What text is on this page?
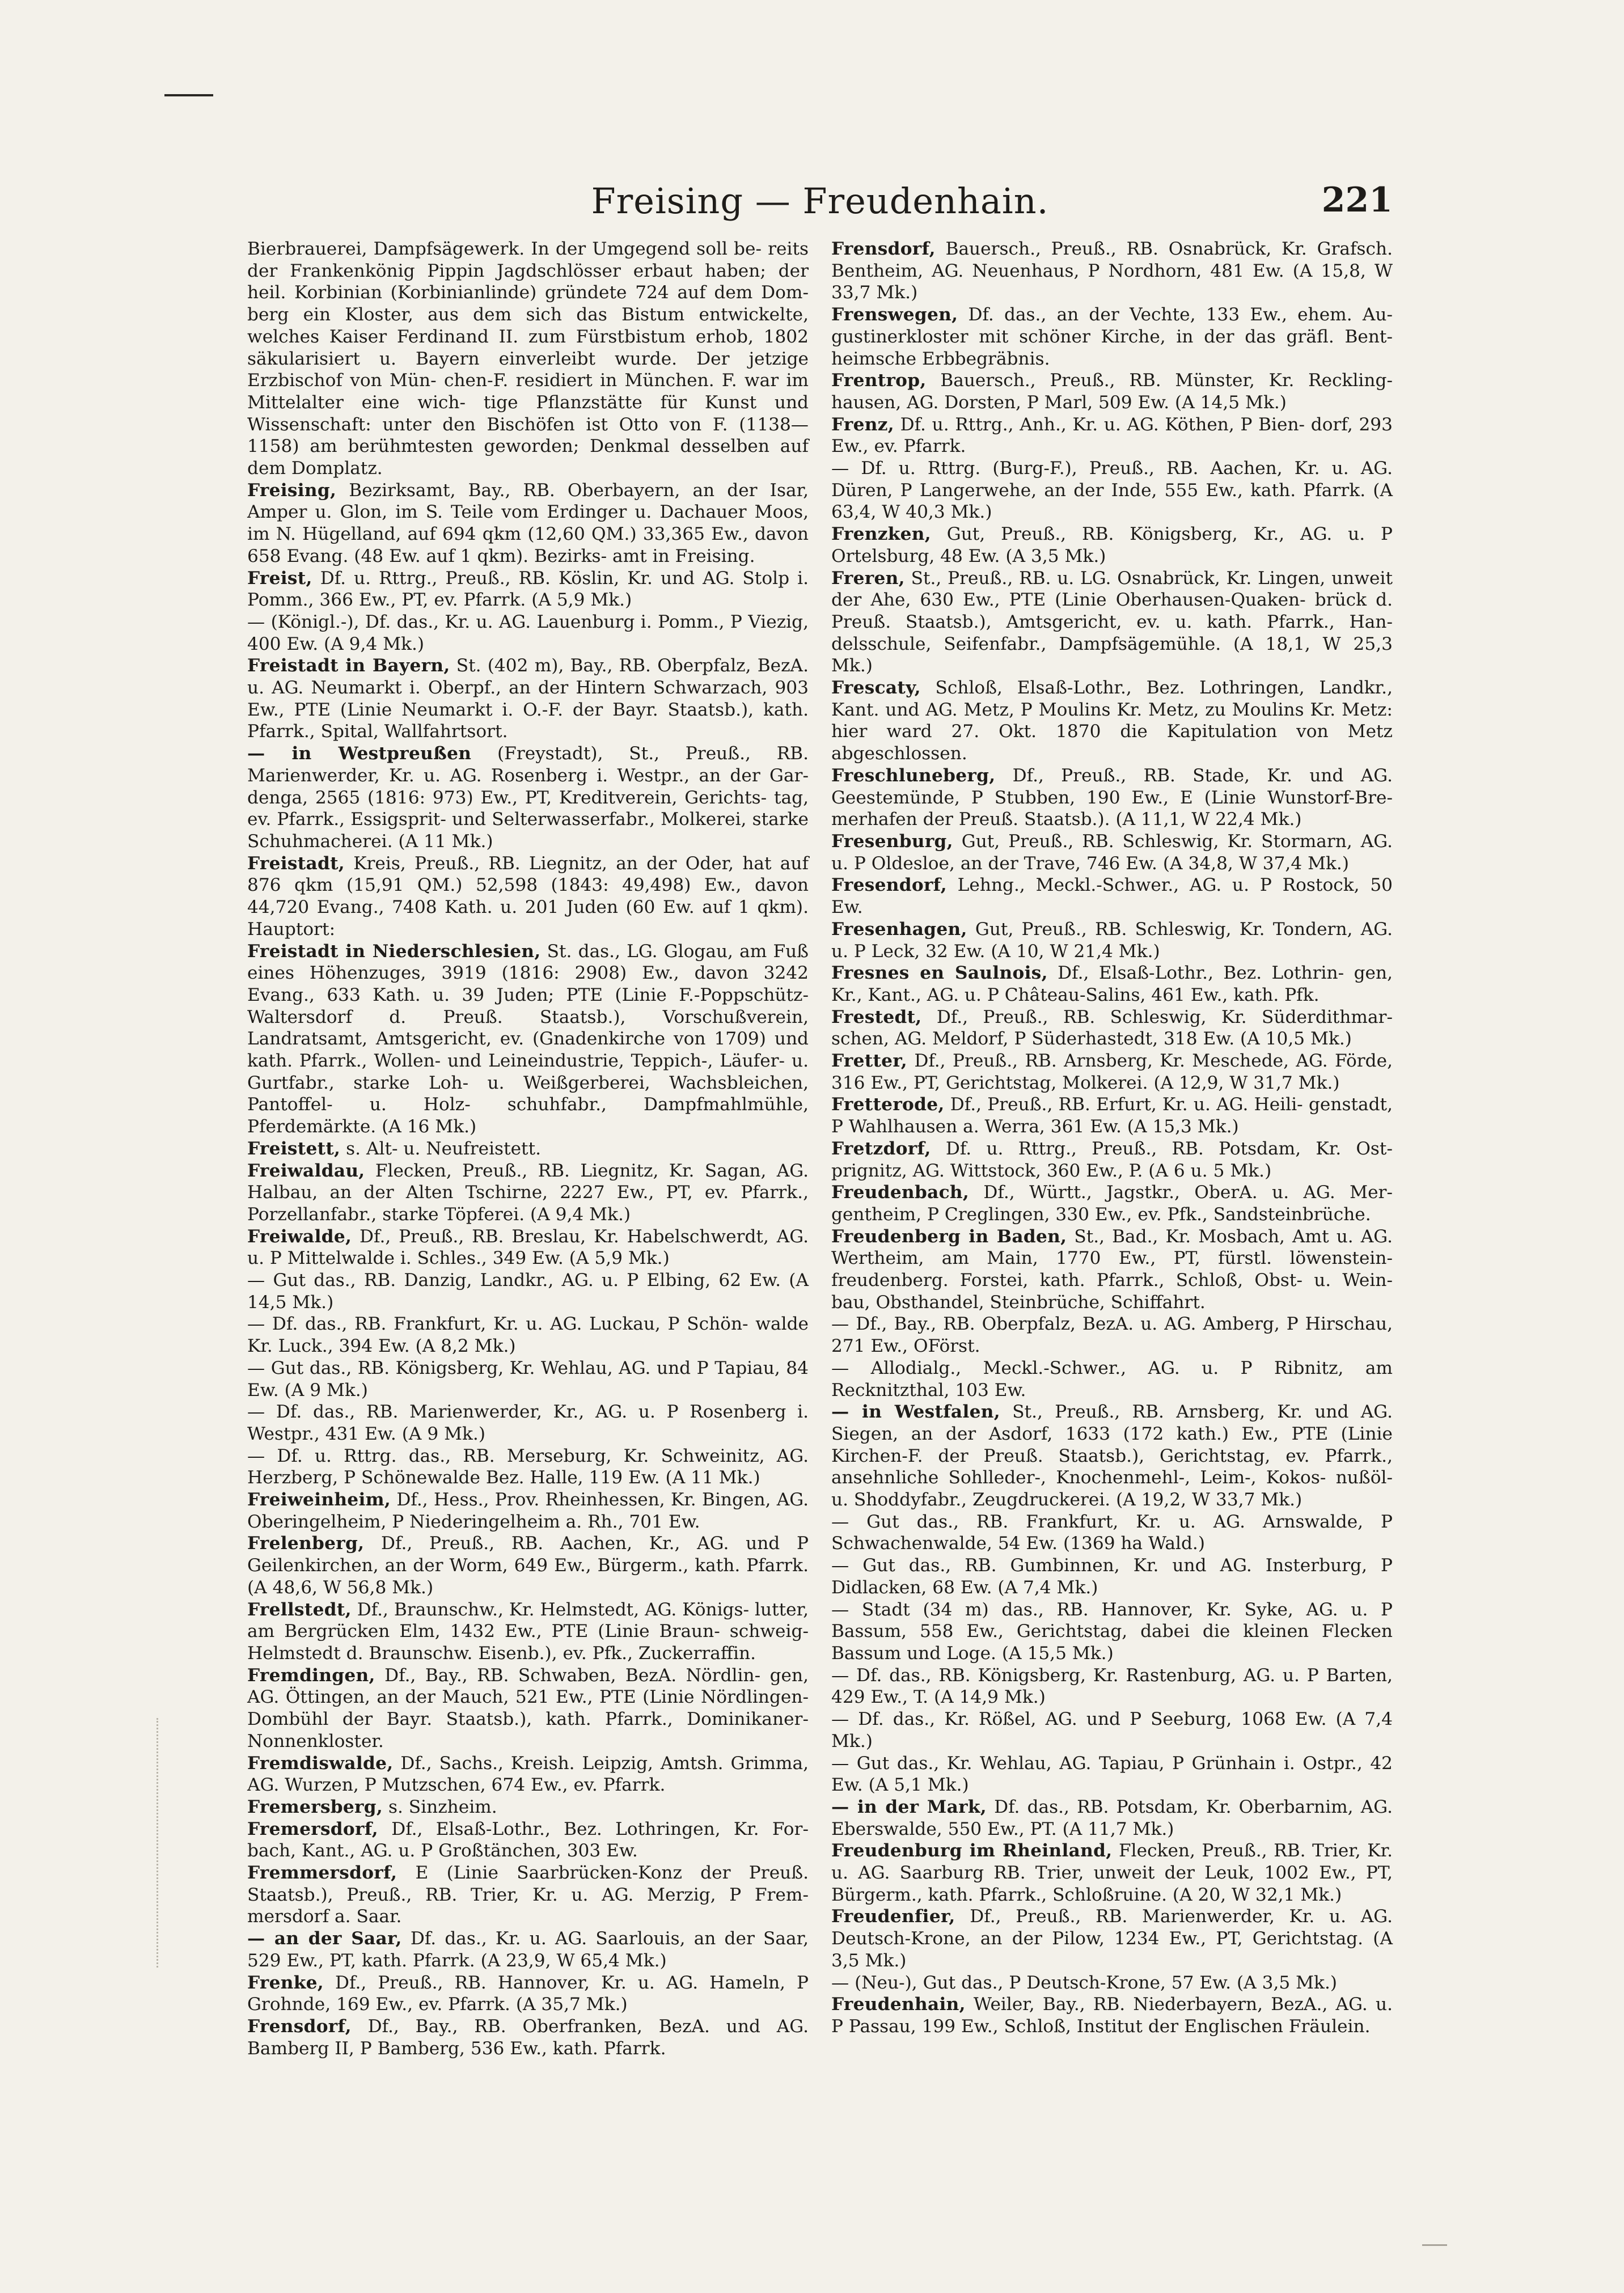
Freising — Freudenhain.	221

Bierbrauerei, Dampfsägewerk. In der Umgegend soll be- reits der Frankenkönig Pippin Jagdschlösser erbaut haben; der heil. Korbinian (Korbinianlinde) gründete 724 auf dem Dom- berg ein Kloster, aus dem sich das Bistum entwickelte, welches Kaiser Ferdinand II. zum Fürstbistum erhob, 1802 säkularisiert u. Bayern einverleibt wurde. Der jetzige Erzbischof von Mün- chen-F. residiert in München. F. war im Mittelalter eine wich- tige Pflanzstätte für Kunst und Wissenschaft: unter den Bischöfen ist Otto von F. (1138—1158) am berühmtesten geworden; Denkmal desselben auf dem Domplatz.

Freising, Bezirksamt, Bay., RB. Oberbayern, an der Isar, Amper u. Glon, im S. Teile vom Erdinger u. Dachauer Moos, im N. Hügelland, auf 694 qkm (12,60 QM.) 33,365 Ew., davon 658 Evang. (48 Ew. auf 1 qkm). Bezirks- amt in Freising.

Freist, Df. u. Rttrg., Preuß., RB. Köslin, Kr. und AG. Stolp i. Pomm., 366 Ew., PT, ev. Pfarrk. (A 5,9 Mk.)

— (Königl.-), Df. das., Kr. u. AG. Lauenburg i. Pomm., P Viezig, 400 Ew. (A 9,4 Mk.)

Freistadt in Bayern, St. (402 m), Bay., RB. Oberpfalz, BezA. u. AG. Neumarkt i. Oberpf., an der Hintern Schwarzach, 903 Ew., PTE (Linie Neumarkt i. O.-F. der Bayr. Staatsb.), kath. Pfarrk., Spital, Wallfahrtsort.

— in Westpreußen (Freystadt), St., Preuß., RB. Marienwerder, Kr. u. AG. Rosenberg i. Westpr., an der Gar- denga, 2565 (1816: 973) Ew., PT, Kreditverein, Gerichts- tag, ev. Pfarrk., Essigsprit- und Selterwasserfabr., Molkerei, starke Schuhmacherei. (A 11 Mk.)

Freistadt, Kreis, Preuß., RB. Liegnitz, an der Oder, hat auf 876 qkm (15,91 QM.) 52,598 (1843: 49,498) Ew., davon 44,720 Evang., 7408 Kath. u. 201 Juden (60 Ew. auf 1 qkm). Hauptort:

Freistadt in Niederschlesien, St. das., LG. Glogau, am Fuß eines Höhenzuges, 3919 (1816: 2908) Ew., davon 3242 Evang., 633 Kath. u. 39 Juden; PTE (Linie F.-Poppschütz- Waltersdorf d. Preuß. Staatsb.), Vorschußverein, Landratsamt, Amtsgericht, ev. (Gnadenkirche von 1709) und kath. Pfarrk., Wollen- und Leineindustrie, Teppich-, Läufer- u. Gurtfabr., starke Loh- u. Weißgerberei, Wachsbleichen, Pantoffel- u. Holz- schuhfabr., Dampfmahlmühle, Pferdemärkte. (A 16 Mk.)

Freistett, s. Alt- u. Neufreistett.

Freiwaldau, Flecken, Preuß., RB. Liegnitz, Kr. Sagan, AG. Halbau, an der Alten Tschirne, 2227 Ew., PT, ev. Pfarrk., Porzellanfabr., starke Töpferei. (A 9,4 Mk.)

Freiwalde, Df., Preuß., RB. Breslau, Kr. Habelschwerdt, AG. u. P Mittelwalde i. Schles., 349 Ew. (A 5,9 Mk.)

— Gut das., RB. Danzig, Landkr., AG. u. P Elbing, 62 Ew. (A 14,5 Mk.)

— Df. das., RB. Frankfurt, Kr. u. AG. Luckau, P Schön- walde Kr. Luck., 394 Ew. (A 8,2 Mk.)

— Gut das., RB. Königsberg, Kr. Wehlau, AG. und P Tapiau, 84 Ew. (A 9 Mk.)

— Df. das., RB. Marienwerder, Kr., AG. u. P Rosenberg i. Westpr., 431 Ew. (A 9 Mk.)

— Df. u. Rttrg. das., RB. Merseburg, Kr. Schweinitz, AG. Herzberg, P Schönewalde Bez. Halle, 119 Ew. (A 11 Mk.)

Freiweinheim, Df., Hess., Prov. Rheinhessen, Kr. Bingen, AG. Oberingelheim, P Niederingelheim a. Rh., 701 Ew.

Frelenberg, Df., Preuß., RB. Aachen, Kr., AG. und P Geilenkirchen, an der Worm, 649 Ew., Bürgerm., kath. Pfarrk. (A 48,6, W 56,8 Mk.)

Frellstedt, Df., Braunschw., Kr. Helmstedt, AG. Königs- lutter, am Bergrücken Elm, 1432 Ew., PTE (Linie Braun- schweig-Helmstedt d. Braunschw. Eisenb.), ev. Pfk., Zuckerraffin.

Fremdingen, Df., Bay., RB. Schwaben, BezA. Nördlin- gen, AG. Öttingen, an der Mauch, 521 Ew., PTE (Linie Nördlingen-Dombühl der Bayr. Staatsb.), kath. Pfarrk., Dominikaner-Nonnenkloster.

Fremdiswalde, Df., Sachs., Kreish. Leipzig, Amtsh. Grimma, AG. Wurzen, P Mutzschen, 674 Ew., ev. Pfarrk.

Fremersberg, s. Sinzheim.

Fremersdorf, Df., Elsaß-Lothr., Bez. Lothringen, Kr. For- bach, Kant., AG. u. P Großtänchen, 303 Ew.

Fremmersdorf, E (Linie Saarbrücken-Konz der Preuß. Staatsb.), Preuß., RB. Trier, Kr. u. AG. Merzig, P Frem- mersdorf a. Saar.

— an der Saar, Df. das., Kr. u. AG. Saarlouis, an der Saar, 529 Ew., PT, kath. Pfarrk. (A 23,9, W 65,4 Mk.)

Frenke, Df., Preuß., RB. Hannover, Kr. u. AG. Hameln, P Grohnde, 169 Ew., ev. Pfarrk. (A 35,7 Mk.)

Frensdorf, Df., Bay., RB. Oberfranken, BezA. und AG. Bamberg II, P Bamberg, 536 Ew., kath. Pfarrk.

Frensdorf, Bauersch., Preuß., RB. Osnabrück, Kr. Grafsch. Bentheim, AG. Neuenhaus, P Nordhorn, 481 Ew. (A 15,8, W 33,7 Mk.)

Frenswegen, Df. das., an der Vechte, 133 Ew., ehem. Au- gustinerkloster mit schöner Kirche, in der das gräfl. Bent- heimsche Erbbegräbnis.

Frentrop, Bauersch., Preuß., RB. Münster, Kr. Reckling- hausen, AG. Dorsten, P Marl, 509 Ew. (A 14,5 Mk.)

Frenz, Df. u. Rttrg., Anh., Kr. u. AG. Köthen, P Bien- dorf, 293 Ew., ev. Pfarrk.

— Df. u. Rttrg. (Burg-F.), Preuß., RB. Aachen, Kr. u. AG. Düren, P Langerwehe, an der Inde, 555 Ew., kath. Pfarrk. (A 63,4, W 40,3 Mk.)

Frenzken, Gut, Preuß., RB. Königsberg, Kr., AG. u. P Ortelsburg, 48 Ew. (A 3,5 Mk.)

Freren, St., Preuß., RB. u. LG. Osnabrück, Kr. Lingen, unweit der Ahe, 630 Ew., PTE (Linie Oberhausen-Quaken- brück d. Preuß. Staatsb.), Amtsgericht, ev. u. kath. Pfarrk., Han- delsschule, Seifenfabr., Dampfsägemühle. (A 18,1, W 25,3 Mk.)

Frescaty, Schloß, Elsaß-Lothr., Bez. Lothringen, Landkr., Kant. und AG. Metz, P Moulins Kr. Metz, zu Moulins Kr. Metz: hier ward 27. Okt. 1870 die Kapitulation von Metz abgeschlossen.

Freschluneberg, Df., Preuß., RB. Stade, Kr. und AG. Geestemünde, P Stubben, 190 Ew., E (Linie Wunstorf-Bre- merhafen der Preuß. Staatsb.). (A 11,1, W 22,4 Mk.)

Fresenburg, Gut, Preuß., RB. Schleswig, Kr. Stormarn, AG. u. P Oldesloe, an der Trave, 746 Ew. (A 34,8, W 37,4 Mk.)

Fresendorf, Lehng., Meckl.-Schwer., AG. u. P Rostock, 50 Ew.

Fresenhagen, Gut, Preuß., RB. Schleswig, Kr. Tondern, AG. u. P Leck, 32 Ew. (A 10, W 21,4 Mk.)

Fresnes en Saulnois, Df., Elsaß-Lothr., Bez. Lothrin- gen, Kr., Kant., AG. u. P Château-Salins, 461 Ew., kath. Pfk.

Frestedt, Df., Preuß., RB. Schleswig, Kr. Süderdithmar- schen, AG. Meldorf, P Süderhastedt, 318 Ew. (A 10,5 Mk.)

Fretter, Df., Preuß., RB. Arnsberg, Kr. Meschede, AG. Förde, 316 Ew., PT, Gerichtstag, Molkerei. (A 12,9, W 31,7 Mk.)

Fretterode, Df., Preuß., RB. Erfurt, Kr. u. AG. Heili- genstadt, P Wahlhausen a. Werra, 361 Ew. (A 15,3 Mk.)

Fretzdorf, Df. u. Rttrg., Preuß., RB. Potsdam, Kr. Ost- prignitz, AG. Wittstock, 360 Ew., P. (A 6 u. 5 Mk.)

Freudenbach, Df., Württ., Jagstkr., OberA. u. AG. Mer- gentheim, P Creglingen, 330 Ew., ev. Pfk., Sandsteinbrüche.

Freudenberg in Baden, St., Bad., Kr. Mosbach, Amt u. AG. Wertheim, am Main, 1770 Ew., PT, fürstl. löwenstein- freudenberg. Forstei, kath. Pfarrk., Schloß, Obst- u. Wein- bau, Obsthandel, Steinbrüche, Schiffahrt.

— Df., Bay., RB. Oberpfalz, BezA. u. AG. Amberg, P Hirschau, 271 Ew., OFörst.

— Allodialg., Meckl.-Schwer., AG. u. P Ribnitz, am Recknitzthal, 103 Ew.

— in Westfalen, St., Preuß., RB. Arnsberg, Kr. und AG. Siegen, an der Asdorf, 1633 (172 kath.) Ew., PTE (Linie Kirchen-F. der Preuß. Staatsb.), Gerichtstag, ev. Pfarrk., ansehnliche Sohlleder-, Knochenmehl-, Leim-, Kokos- nußöl- u. Shoddyfabr., Zeugdruckerei. (A 19,2, W 33,7 Mk.)

— Gut das., RB. Frankfurt, Kr. u. AG. Arnswalde, P Schwachenwalde, 54 Ew. (1369 ha Wald.)

— Gut das., RB. Gumbinnen, Kr. und AG. Insterburg, P Didlacken, 68 Ew. (A 7,4 Mk.)

— Stadt (34 m) das., RB. Hannover, Kr. Syke, AG. u. P Bassum, 558 Ew., Gerichtstag, dabei die kleinen Flecken Bassum und Loge. (A 15,5 Mk.)

— Df. das., RB. Königsberg, Kr. Rastenburg, AG. u. P Barten, 429 Ew., T. (A 14,9 Mk.)

— Df. das., Kr. Rößel, AG. und P Seeburg, 1068 Ew. (A 7,4 Mk.)

— Gut das., Kr. Wehlau, AG. Tapiau, P Grünhain i. Ostpr., 42 Ew. (A 5,1 Mk.)

— in der Mark, Df. das., RB. Potsdam, Kr. Oberbarnim, AG. Eberswalde, 550 Ew., PT. (A 11,7 Mk.)

Freudenburg im Rheinland, Flecken, Preuß., RB. Trier, Kr. u. AG. Saarburg RB. Trier, unweit der Leuk, 1002 Ew., PT, Bürgerm., kath. Pfarrk., Schloßruine. (A 20, W 32,1 Mk.)

Freudenfier, Df., Preuß., RB. Marienwerder, Kr. u. AG. Deutsch-Krone, an der Pilow, 1234 Ew., PT, Gerichtstag. (A 3,5 Mk.)

— (Neu-), Gut das., P Deutsch-Krone, 57 Ew. (A 3,5 Mk.)

Freudenhain, Weiler, Bay., RB. Niederbayern, BezA., AG. u. P Passau, 199 Ew., Schloß, Institut der Englischen Fräulein.
